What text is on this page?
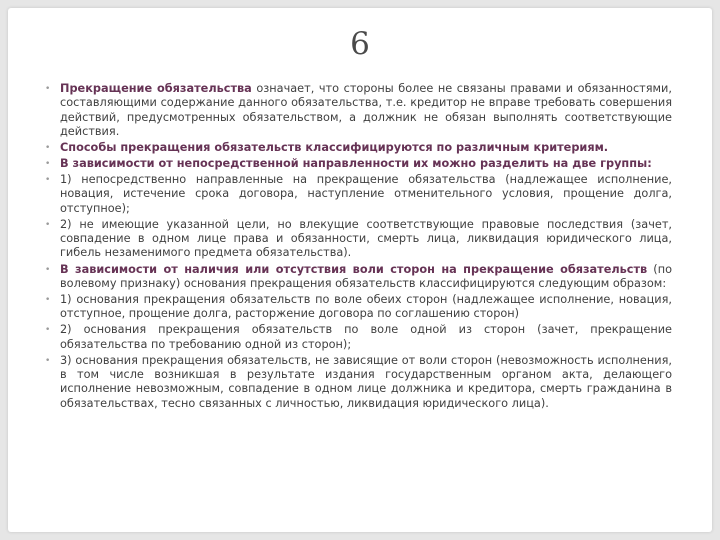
6
• Прекращение обязательства означает, что стороны более не связаны правами и обязанностями, составляющими содержание данного обязательства, т.е. кредитор не вправе требовать совершения действий, предусмотренных обязательством, а должник не обязан выполнять соответствующие действия.
• Способы прекращения обязательств классифицируются по различным критериям.
• В зависимости от непосредственной направленности их можно разделить на две группы:
• 1) непосредственно направленные на прекращение обязательства (надлежащее исполнение, новация, истечение срока договора, наступление отменительного условия, прощение долга, отступное);
• 2) не имеющие указанной цели, но влекущие соответствующие правовые последствия (зачет, совпадение в одном лице права и обязанности, смерть лица, ликвидация юридического лица, гибель незаменимого предмета обязательства).
• В зависимости от наличия или отсутствия воли сторон на прекращение обязательств (по волевому признаку) основания прекращения обязательств классифицируются следующим образом:
• 1) основания прекращения обязательств по воле обеих сторон (надлежащее исполнение, новация, отступное, прощение долга, расторжение договора по соглашению сторон)
• 2) основания прекращения обязательств по воле одной из сторон (зачет, прекращение обязательства по требованию одной из сторон);
• 3) основания прекращения обязательств, не зависящие от воли сторон (невозможность исполнения, в том числе возникшая в результате издания государственным органом акта, делающего исполнение невозможным, совпадение в одном лице должника и кредитора, смерть гражданина в обязательствах, тесно связанных с личностью, ликвидация юридического лица).
